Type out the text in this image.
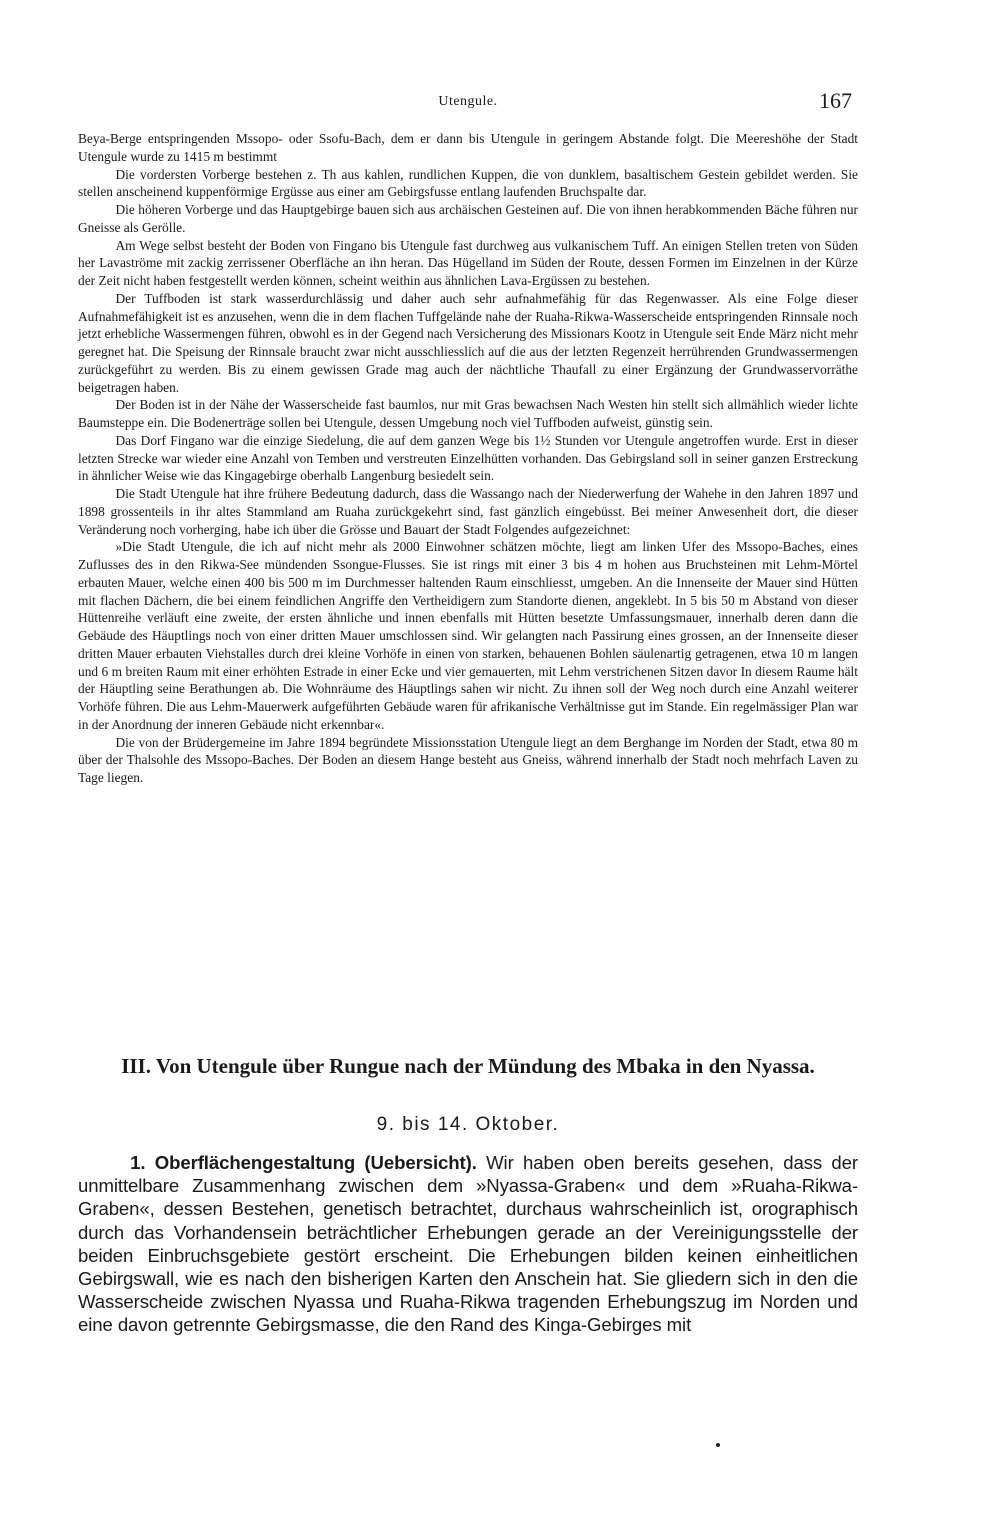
Utengule.	167

Beya-Berge entspringenden Mssopo- oder Ssofu-Bach, dem er dann bis Utengule in geringem Abstande folgt. Die Meereshöhe der Stadt Utengule wurde zu 1415 m bestimmt

Die vordersten Vorberge bestehen z. Th aus kahlen, rundlichen Kuppen, die von dunklem, basaltischem Gestein gebildet werden. Sie stellen anscheinend kuppenförmige Ergüsse aus einer am Gebirgsfusse entlang laufenden Bruchspalte dar.

Die höheren Vorberge und das Hauptgebirge bauen sich aus archäischen Gesteinen auf. Die von ihnen herabkommenden Bäche führen nur Gneisse als Gerölle.

Am Wege selbst besteht der Boden von Fingano bis Utengule fast durchweg aus vulkanischem Tuff. An einigen Stellen treten von Süden her Lavaströme mit zackig zerrissener Oberfläche an ihn heran. Das Hügelland im Süden der Route, dessen Formen im Einzelnen in der Kürze der Zeit nicht haben festgestellt werden können, scheint weithin aus ähnlichen Lava-Ergüssen zu bestehen.

Der Tuffboden ist stark wasserdurchlässig und daher auch sehr aufnahmefähig für das Regenwasser. Als eine Folge dieser Aufnahmefähigkeit ist es anzusehen, wenn die in dem flachen Tuffgelände nahe der Ruaha-Rikwa-Wasserscheide entspringenden Rinnsale noch jetzt erhebliche Wassermengen führen, obwohl es in der Gegend nach Versicherung des Missionars Kootz in Utengule seit Ende März nicht mehr geregnet hat. Die Speisung der Rinnsale braucht zwar nicht ausschliesslich auf die aus der letzten Regenzeit herrührenden Grundwassermengen zurückgeführt zu werden. Bis zu einem gewissen Grade mag auch der nächtliche Thaufall zu einer Ergänzung der Grundwasservorräthe beigetragen haben.

Der Boden ist in der Nähe der Wasserscheide fast baumlos, nur mit Gras bewachsen Nach Westen hin stellt sich allmählich wieder lichte Baumsteppe ein. Die Bodenerträge sollen bei Utengule, dessen Umgebung noch viel Tuffboden aufweist, günstig sein.

Das Dorf Fingano war die einzige Siedelung, die auf dem ganzen Wege bis 1½ Stunden vor Utengule angetroffen wurde. Erst in dieser letzten Strecke war wieder eine Anzahl von Temben und verstreuten Einzelhütten vorhanden. Das Gebirgsland soll in seiner ganzen Erstreckung in ähnlicher Weise wie das Kingagebirge oberhalb Langenburg besiedelt sein.

Die Stadt Utengule hat ihre frühere Bedeutung dadurch, dass die Wassango nach der Niederwerfung der Wahehe in den Jahren 1897 und 1898 grossenteils in ihr altes Stammland am Ruaha zurückgekehrt sind, fast gänzlich eingebüsst. Bei meiner Anwesenheit dort, die dieser Veränderung noch vorherging, habe ich über die Grösse und Bauart der Stadt Folgendes aufgezeichnet:

»Die Stadt Utengule, die ich auf nicht mehr als 2000 Einwohner schätzen möchte, liegt am linken Ufer des Mssopo-Baches, eines Zuflusses des in den Rikwa-See mündenden Ssongue-Flusses. Sie ist rings mit einer 3 bis 4 m hohen aus Bruchsteinen mit Lehm-Mörtel erbauten Mauer, welche einen 400 bis 500 m im Durchmesser haltenden Raum einschliesst, umgeben. An die Innenseite der Mauer sind Hütten mit flachen Dächern, die bei einem feindlichen Angriffe den Vertheidigern zum Standorte dienen, angeklebt. In 5 bis 50 m Abstand von dieser Hüttenreihe verläuft eine zweite, der ersten ähnliche und innen ebenfalls mit Hütten besetzte Umfassungsmauer, innerhalb deren dann die Gebäude des Häuptlings noch von einer dritten Mauer umschlossen sind. Wir gelangten nach Passirung eines grossen, an der Innenseite dieser dritten Mauer erbauten Viehstalles durch drei kleine Vorhöfe in einen von starken, behauenen Bohlen säulenartig getragenen, etwa 10 m langen und 6 m breiten Raum mit einer erhöhten Estrade in einer Ecke und vier gemauerten, mit Lehm verstrichenen Sitzen davor In diesem Raume hält der Häuptling seine Berathungen ab. Die Wohnräume des Häuptlings sahen wir nicht. Zu ihnen soll der Weg noch durch eine Anzahl weiterer Vorhöfe führen. Die aus Lehm-Mauerwerk aufgeführten Gebäude waren für afrikanische Verhältnisse gut im Stande. Ein regelmässiger Plan war in der Anordnung der inneren Gebäude nicht erkennbar«.

Die von der Brüdergemeine im Jahre 1894 begründete Missionsstation Utengule liegt an dem Berghange im Norden der Stadt, etwa 80 m über der Thalsohle des Mssopo-Baches. Der Boden an diesem Hange besteht aus Gneiss, während innerhalb der Stadt noch mehrfach Laven zu Tage liegen.

III. Von Utengule über Rungue nach der Mündung des Mbaka in den Nyassa.
9. bis 14. Oktober.

1. Oberflächengestaltung (Uebersicht). Wir haben oben bereits gesehen, dass der unmittelbare Zusammenhang zwischen dem »Nyassa-Graben« und dem »Ruaha-Rikwa-Graben«, dessen Bestehen, genetisch betrachtet, durchaus wahrscheinlich ist, orographisch durch das Vorhandensein beträchtlicher Erhebungen gerade an der Vereinigungsstelle der beiden Einbruchsgebiete gestört erscheint. Die Erhebungen bilden keinen einheitlichen Gebirgswall, wie es nach den bisherigen Karten den Anschein hat. Sie gliedern sich in den die Wasserscheide zwischen Nyassa und Ruaha-Rikwa tragenden Erhebungszug im Norden und eine davon getrennte Gebirgsmasse, die den Rand des Kinga-Gebirges mit
